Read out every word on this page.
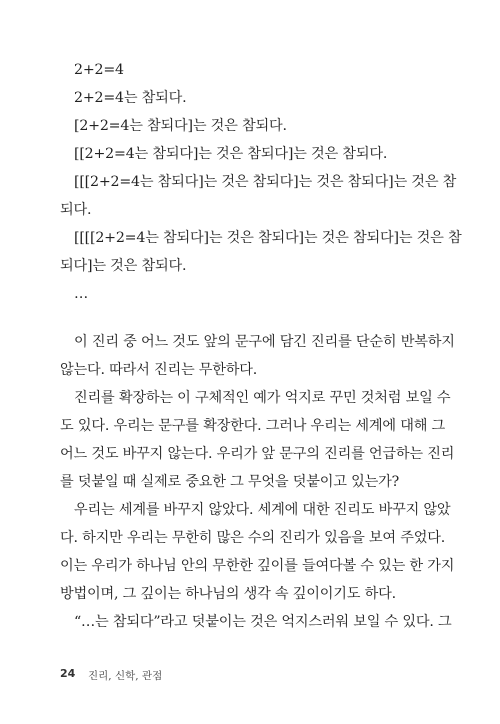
2+2=4
2+2=4는 참되다.
[2+2=4는 참되다]는 것은 참되다.
[[2+2=4는 참되다]는 것은 참되다]는 것은 참되다.
[[[2+2=4는 참되다]는 것은 참되다]는 것은 참되다]는 것은 참
되다.
[[[[2+2=4는 참되다]는 것은 참되다]는 것은 참되다]는 것은 참
되다]는 것은 참되다.
…
이 진리 중 어느 것도 앞의 문구에 담긴 진리를 단순히 반복하지
않는다. 따라서 진리는 무한하다.
진리를 확장하는 이 구체적인 예가 억지로 꾸민 것처럼 보일 수
도 있다. 우리는 문구를 확장한다. 그러나 우리는 세계에 대해 그
어느 것도 바꾸지 않는다. 우리가 앞 문구의 진리를 언급하는 진리
를 덧붙일 때 실제로 중요한 그 무엇을 덧붙이고 있는가?
우리는 세계를 바꾸지 않았다. 세계에 대한 진리도 바꾸지 않았
다. 하지만 우리는 무한히 많은 수의 진리가 있음을 보여 주었다.
이는 우리가 하나님 안의 무한한 깊이를 들여다볼 수 있는 한 가지
방법이며, 그 깊이는 하나님의 생각 속 깊이이기도 하다.
“…는 참되다”라고 덧붙이는 것은 억지스러워 보일 수 있다. 그
24 진리, 신학, 관점
